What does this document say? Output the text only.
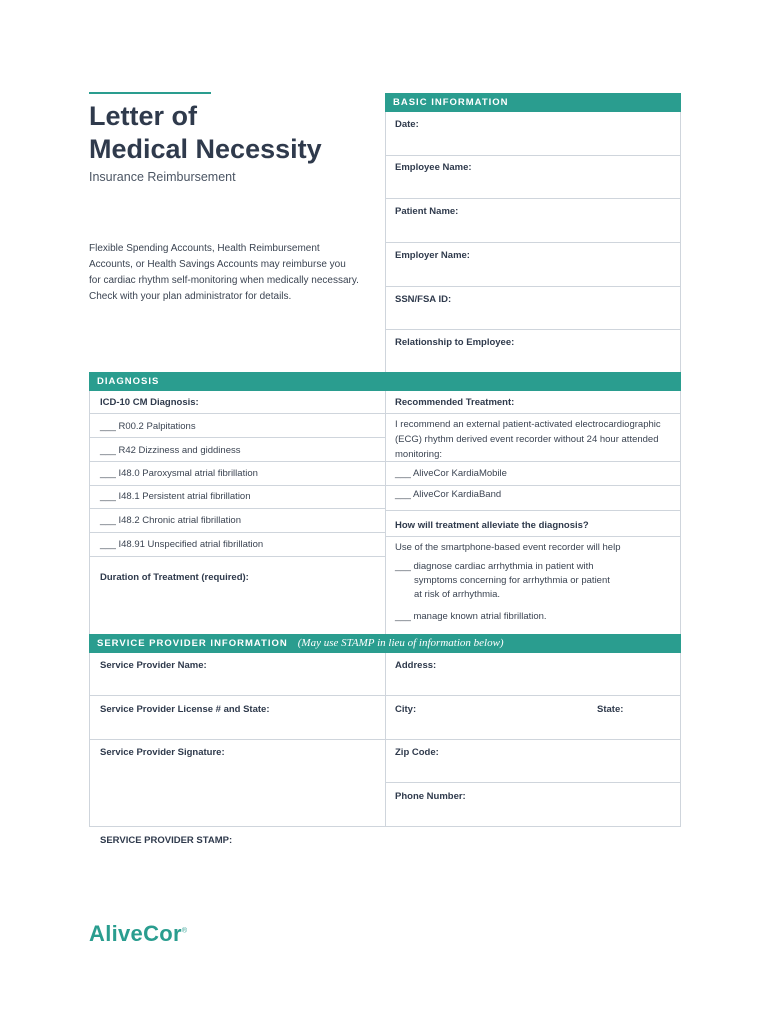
Letter of
Medical Necessity
Insurance Reimbursement
Flexible Spending Accounts, Health Reimbursement Accounts, or Health Savings Accounts may reimburse you for cardiac rhythm self-monitoring when medically necessary. Check with your plan administrator for details.
BASIC INFORMATION
Date:
Employee Name:
Patient Name:
Employer Name:
SSN/FSA ID:
Relationship to Employee:
DIAGNOSIS
ICD-10 CM Diagnosis:
___ R00.2 Palpitations
___ R42 Dizziness and giddiness
___ I48.0 Paroxysmal atrial fibrillation
___ I48.1 Persistent atrial fibrillation
___ I48.2 Chronic atrial fibrillation
___ I48.91 Unspecified atrial fibrillation
Duration of Treatment (required):
Recommended Treatment:
I recommend an external patient-activated electrocardiographic (ECG) rhythm derived event recorder without 24 hour attended monitoring:
___ AliveCor KardiaMobile
___ AliveCor KardiaBand
How will treatment alleviate the diagnosis?
Use of the smartphone-based event recorder will help
___ diagnose cardiac arrhythmia in patient with
symptoms concerning for arrhythmia or patient
at risk of arrhythmia.
___ manage known atrial fibrillation.
SERVICE PROVIDER INFORMATION (May use STAMP in lieu of information below)
Service Provider Name:
Service Provider License # and State:
Service Provider Signature:
Address:
City:	State:
Zip Code:
Phone Number:
SERVICE PROVIDER STAMP:
AliveCor®
